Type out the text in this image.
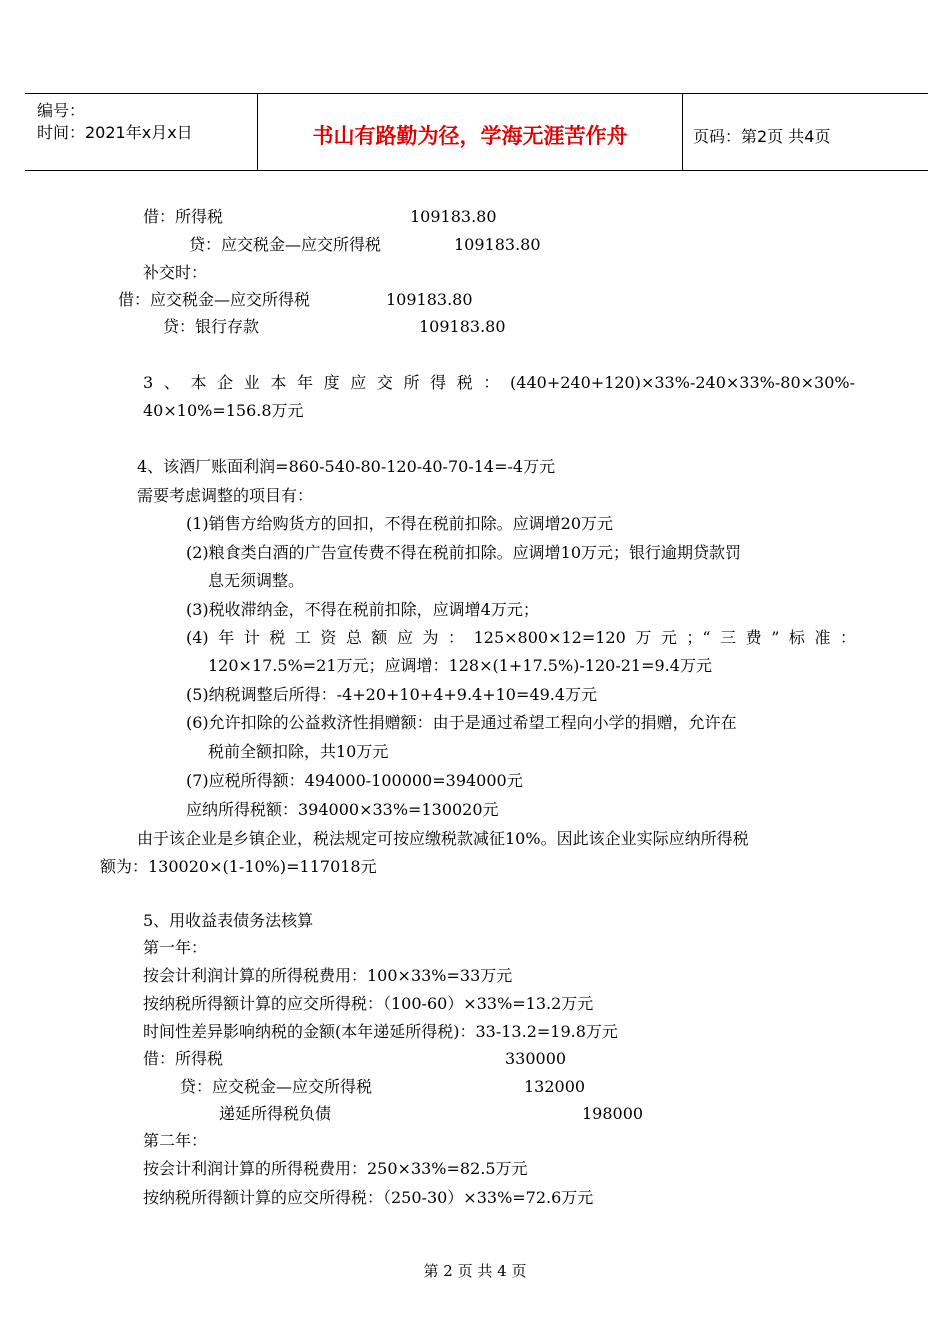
编号：
时间：2021年x月x日	书山有路勤为径，学海无涯苦作舟	页码：第2页 共4页
借：所得税	109183.80
贷：应交税金—应交所得税	109183.80
补交时：
借：应交税金—应交所得税	109183.80
贷：银行存款	109183.80
3、本企业本年度应交所得税：(440+240+120)×33%-240×33%-80×30%-
40×10%=156.8万元
4、该酒厂账面利润=860-540-80-120-40-70-14=-4万元
需要考虑调整的项目有：
(1)销售方给购货方的回扣，不得在税前扣除。应调增20万元
(2)粮食类白酒的广告宣传费不得在税前扣除。应调增10万元；银行逾期贷款罚
息无须调整。
(3)税收滞纳金，不得在税前扣除，应调增4万元；
(4)年计税工资总额应为：125×800×12=120万元；“三费”标准：
120×17.5%=21万元；应调增：128×(1+17.5%)-120-21=9.4万元
(5)纳税调整后所得：-4+20+10+4+9.4+10=49.4万元
(6)允许扣除的公益救济性捐赠额：由于是通过希望工程向小学的捐赠，允许在
税前全额扣除，共10万元
(7)应税所得额：494000-100000=394000元
应纳所得税额：394000×33%=130020元
由于该企业是乡镇企业，税法规定可按应缴税款减征10%。因此该企业实际应纳所得税
额为：130020×(1-10%)=117018元
5、用收益表债务法核算
第一年：
按会计利润计算的所得税费用：100×33%=33万元
按纳税所得额计算的应交所得税：（100-60）×33%=13.2万元
时间性差异影响纳税的金额(本年递延所得税)：33-13.2=19.8万元
借：所得税	330000
贷：应交税金—应交所得税	132000
递延所得税负债	198000
第二年：
按会计利润计算的所得税费用：250×33%=82.5万元
按纳税所得额计算的应交所得税：（250-30）×33%=72.6万元
第 2 页 共 4 页
